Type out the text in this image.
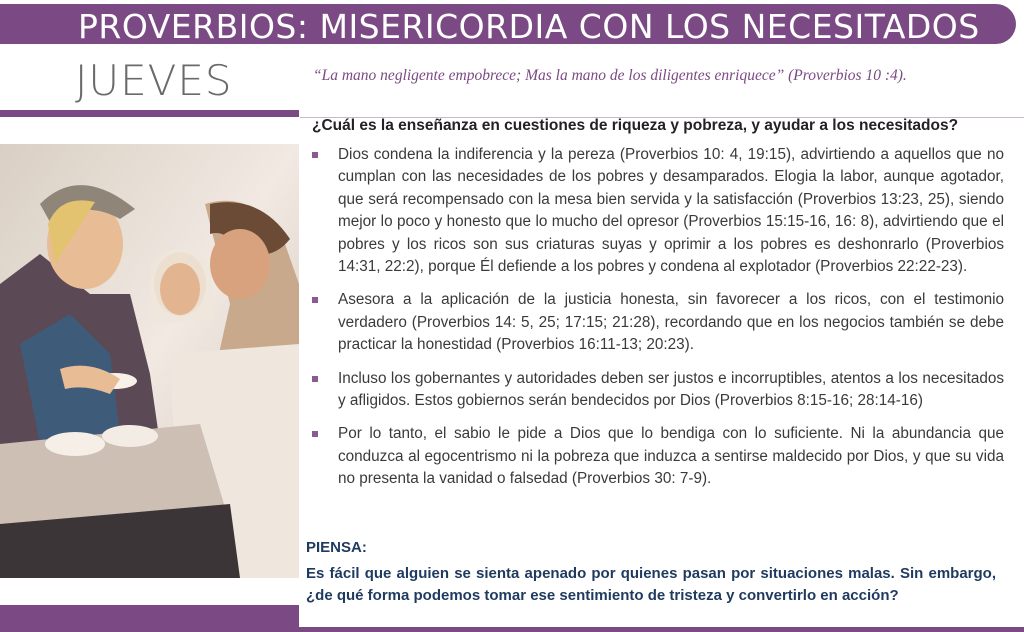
PROVERBIOS: MISERICORDIA CON LOS NECESITADOS
JUEVES	“La mano negligente empobrece; Mas la mano de los diligentes enriquece” (Proverbios 10 :4).
¿Cuál es la enseñanza en cuestiones de riqueza y pobreza, y ayudar a los necesitados?
Dios condena la indiferencia y la pereza (Proverbios 10: 4, 19:15), advirtiendo a aquellos que no cumplan con las necesidades de los pobres y desamparados. Elogia la labor, aunque agotador, que será recompensado con la mesa bien servida y la satisfacción (Proverbios 13:23, 25), siendo mejor lo poco y honesto que lo mucho del opresor (Proverbios 15:15-16, 16: 8), advirtiendo que el pobres y los ricos son sus criaturas suyas y oprimir a los pobres es deshonrarlo (Proverbios 14:31, 22:2), porque Él defiende a los pobres y condena al explotador (Proverbios 22:22-23).
Asesora a la aplicación de la justicia honesta, sin favorecer a los ricos, con el testimonio verdadero (Proverbios 14: 5, 25; 17:15; 21:28), recordando que en los negocios también se debe practicar la honestidad (Proverbios 16:11-13; 20:23).
Incluso los gobernantes y autoridades deben ser justos e incorruptibles, atentos a los necesitados y afligidos. Estos gobiernos serán bendecidos por Dios (Proverbios 8:15-16; 28:14-16)
Por lo tanto, el sabio le pide a Dios que lo bendiga con lo suficiente. Ni la abundancia que conduzca al egocentrismo ni la pobreza que induzca a sentirse maldecido por Dios, y que su vida no presenta la vanidad o falsedad (Proverbios 30: 7-9).
PIENSA:
Es fácil que alguien se sienta apenado por quienes pasan por situaciones malas. Sin embargo, ¿de qué forma podemos tomar ese sentimiento de tristeza y convertirlo en acción?
